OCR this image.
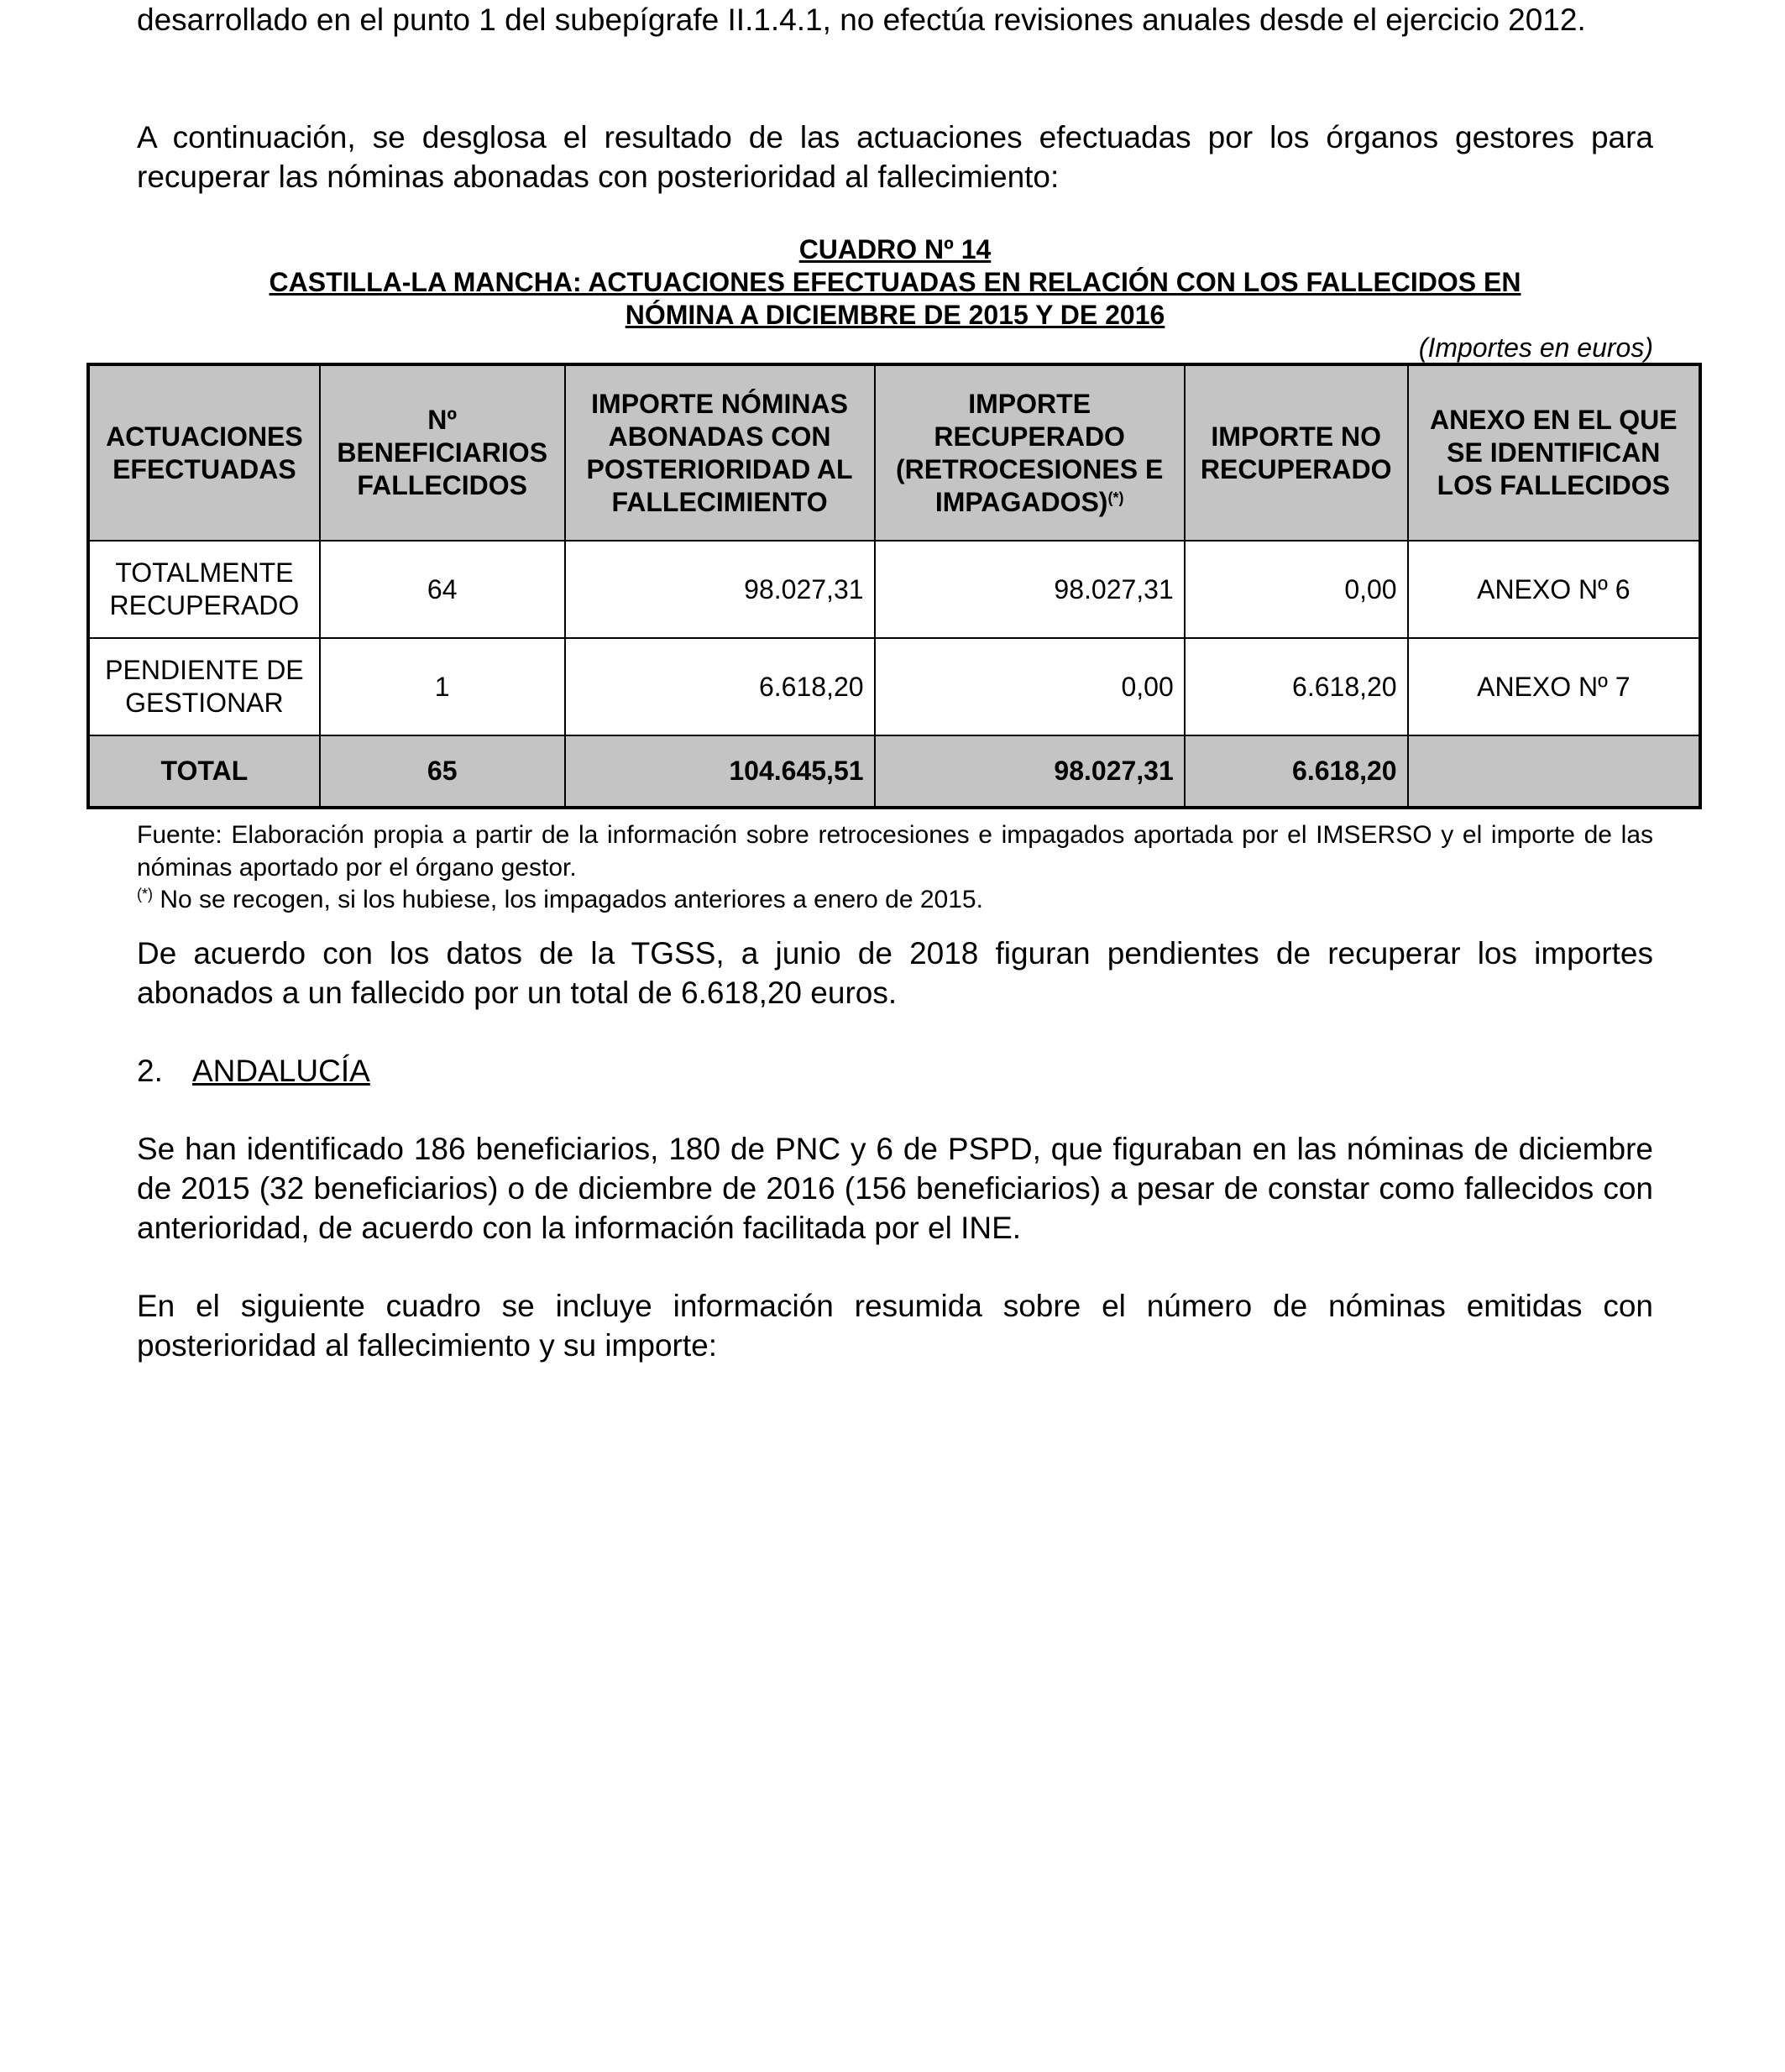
desarrollado en el punto 1 del subepígrafe II.1.4.1, no efectúa revisiones anuales desde el ejercicio 2012.

A continuación, se desglosa el resultado de las actuaciones efectuadas por los órganos gestores para recuperar las nóminas abonadas con posterioridad al fallecimiento:

CUADRO Nº 14
CASTILLA-LA MANCHA: ACTUACIONES EFECTUADAS EN RELACIÓN CON LOS FALLECIDOS EN
NÓMINA A DICIEMBRE DE 2015 Y DE 2016
(Importes en euros)
ACTUACIONES EFECTUADAS	Nº BENEFICIARIOS FALLECIDOS	IMPORTE NÓMINAS ABONADAS CON POSTERIORIDAD AL FALLECIMIENTO	IMPORTE RECUPERADO (RETROCESIONES E IMPAGADOS)(*)	IMPORTE NO RECUPERADO	ANEXO EN EL QUE SE IDENTIFICAN LOS FALLECIDOS
TOTALMENTE RECUPERADO	64	98.027,31	98.027,31	0,00	ANEXO Nº 6
PENDIENTE DE GESTIONAR	1	6.618,20	0,00	6.618,20	ANEXO Nº 7
TOTAL	65	104.645,51	98.027,31	6.618,20	

Fuente: Elaboración propia a partir de la información sobre retrocesiones e impagados aportada por el IMSERSO y el importe de las nóminas aportado por el órgano gestor.

(*) No se recogen, si los hubiese, los impagados anteriores a enero de 2015.

De acuerdo con los datos de la TGSS, a junio de 2018 figuran pendientes de recuperar los importes abonados a un fallecido por un total de 6.618,20 euros.

2. ANDALUCÍA

Se han identificado 186 beneficiarios, 180 de PNC y 6 de PSPD, que figuraban en las nóminas de diciembre de 2015 (32 beneficiarios) o de diciembre de 2016 (156 beneficiarios) a pesar de constar como fallecidos con anterioridad, de acuerdo con la información facilitada por el INE.

En el siguiente cuadro se incluye información resumida sobre el número de nóminas emitidas con posterioridad al fallecimiento y su importe:
